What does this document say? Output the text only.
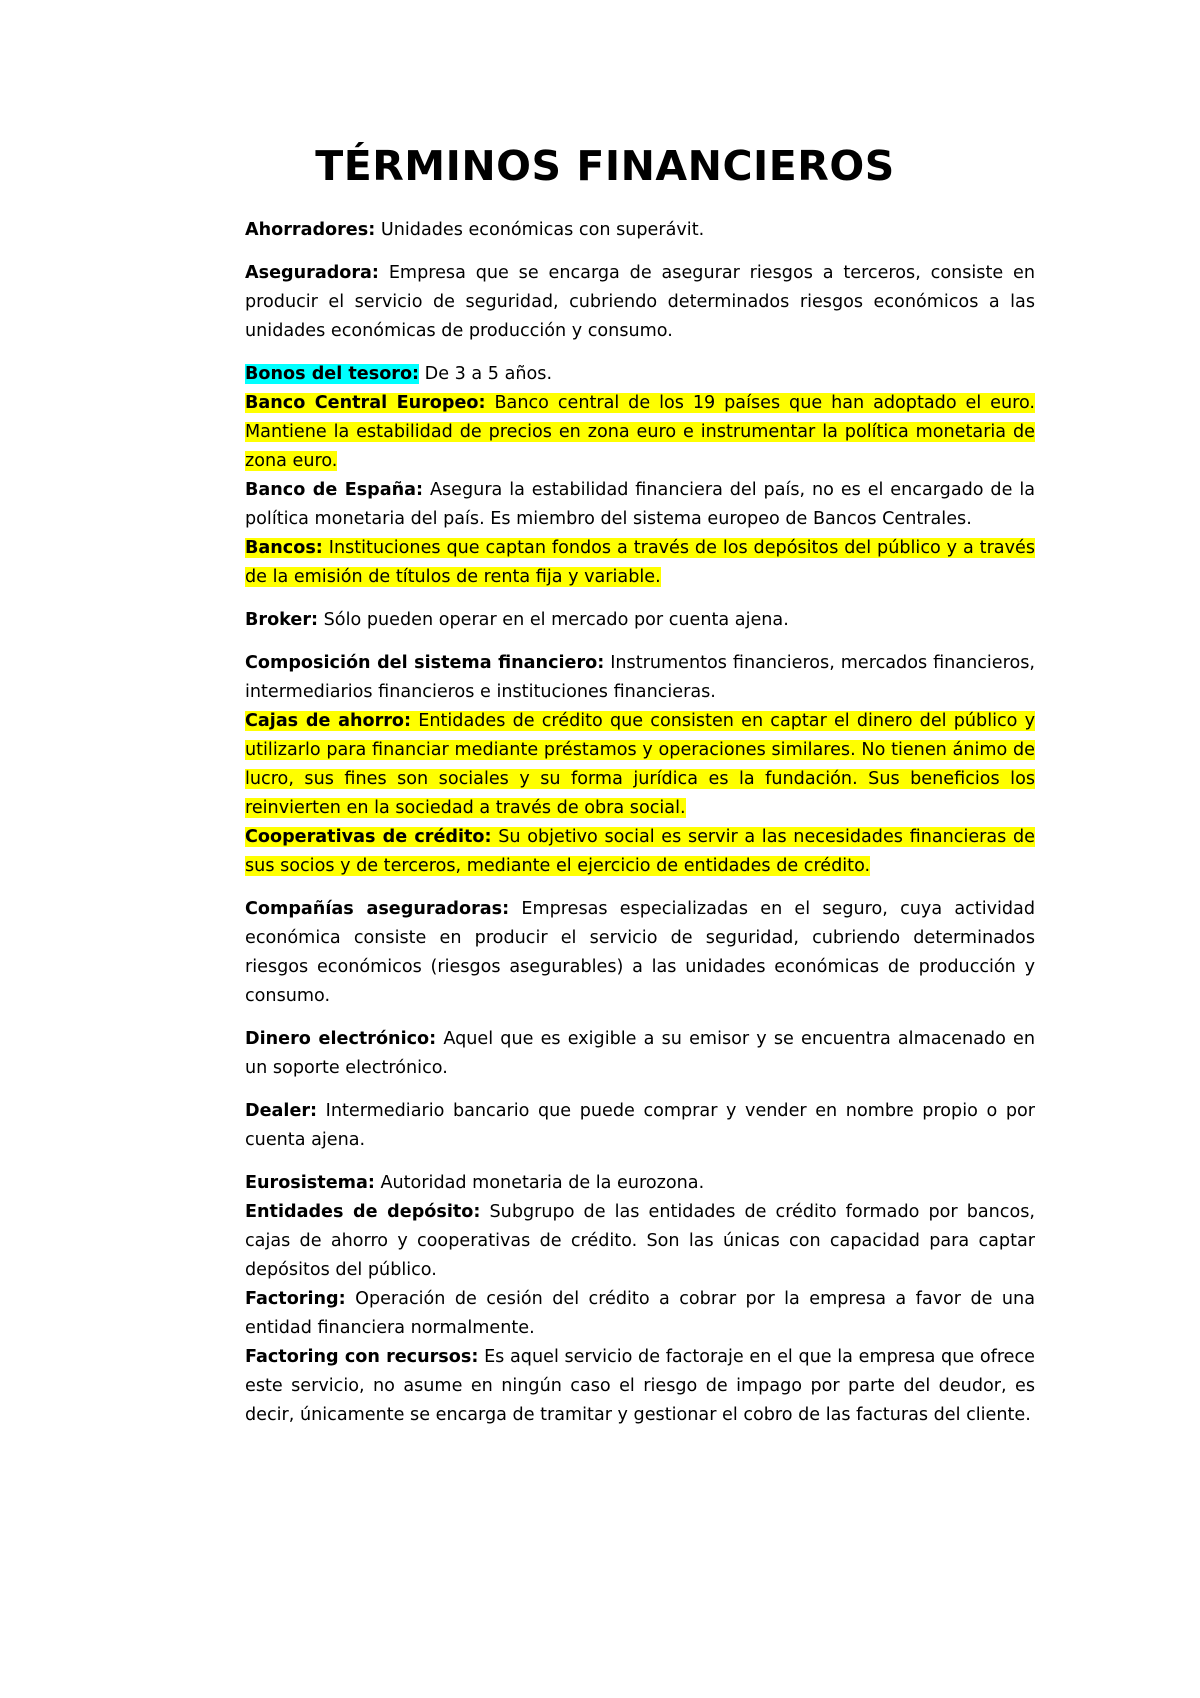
TÉRMINOS FINANCIEROS

Ahorradores: Unidades económicas con superávit.

Aseguradora: Empresa que se encarga de asegurar riesgos a terceros, consiste en producir el servicio de seguridad, cubriendo determinados riesgos económicos a las unidades económicas de producción y consumo.

Bonos del tesoro: De 3 a 5 años.

Banco Central Europeo: Banco central de los 19 países que han adoptado el euro. Mantiene la estabilidad de precios en zona euro e instrumentar la política monetaria de zona euro.

Banco de España: Asegura la estabilidad financiera del país, no es el encargado de la política monetaria del país. Es miembro del sistema europeo de Bancos Centrales.

Bancos: Instituciones que captan fondos a través de los depósitos del público y a través de la emisión de títulos de renta fija y variable.

Broker: Sólo pueden operar en el mercado por cuenta ajena.

Composición del sistema financiero: Instrumentos financieros, mercados financieros, intermediarios financieros e instituciones financieras.

Cajas de ahorro: Entidades de crédito que consisten en captar el dinero del público y utilizarlo para financiar mediante préstamos y operaciones similares. No tienen ánimo de lucro, sus fines son sociales y su forma jurídica es la fundación. Sus beneficios los reinvierten en la sociedad a través de obra social.

Cooperativas de crédito: Su objetivo social es servir a las necesidades financieras de sus socios y de terceros, mediante el ejercicio de entidades de crédito.

Compañías aseguradoras: Empresas especializadas en el seguro, cuya actividad económica consiste en producir el servicio de seguridad, cubriendo determinados riesgos económicos (riesgos asegurables) a las unidades económicas de producción y consumo.

Dinero electrónico: Aquel que es exigible a su emisor y se encuentra almacenado en un soporte electrónico.

Dealer: Intermediario bancario que puede comprar y vender en nombre propio o por cuenta ajena.

Eurosistema: Autoridad monetaria de la eurozona.

Entidades de depósito: Subgrupo de las entidades de crédito formado por bancos, cajas de ahorro y cooperativas de crédito. Son las únicas con capacidad para captar depósitos del público.

Factoring: Operación de cesión del crédito a cobrar por la empresa a favor de una entidad financiera normalmente.

Factoring con recursos: Es aquel servicio de factoraje en el que la empresa que ofrece este servicio, no asume en ningún caso el riesgo de impago por parte del deudor, es decir, únicamente se encarga de tramitar y gestionar el cobro de las facturas del cliente.
